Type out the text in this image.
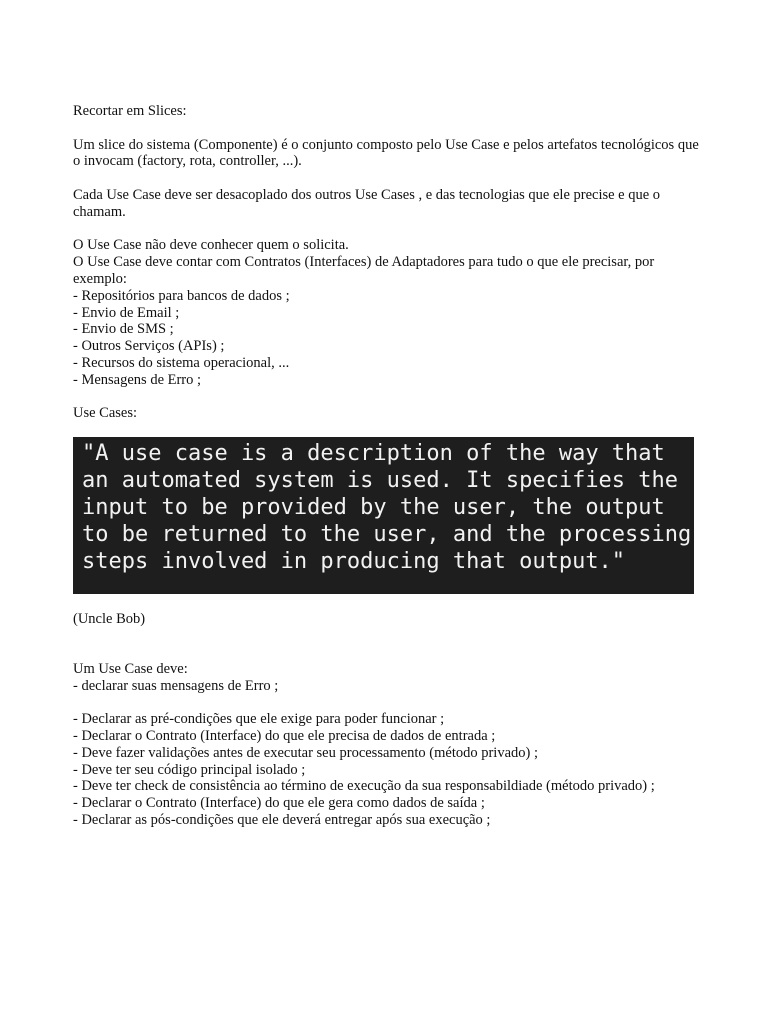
Recortar em Slices:

Um slice do sistema (Componente) é o conjunto composto pelo Use Case e pelos artefatos tecnológicos que o invocam (factory, rota, controller, ...).

Cada Use Case deve ser desacoplado dos outros Use Cases , e das tecnologias que ele precise e que o chamam.

O Use Case não deve conhecer quem o solicita.

O Use Case deve contar com Contratos (Interfaces) de Adaptadores para tudo o que ele precisar, por exemplo:

- Repositórios para bancos de dados ;

- Envio de Email ;

- Envio de SMS ;

- Outros Serviços (APIs) ;

- Recursos do sistema operacional, ...

- Mensagens de Erro ;

Use Cases:

"A use case is a description of the way that
an automated system is used. It specifies the
input to be provided by the user, the output
to be returned to the user, and the processing
steps involved in producing that output."

(Uncle Bob)

Um Use Case deve:

- declarar suas mensagens de Erro ;

- Declarar as pré-condições que ele exige para poder funcionar ;

- Declarar o Contrato (Interface) do que ele precisa de dados de entrada ;

- Deve fazer validações antes de executar seu processamento (método privado) ;

- Deve ter seu código principal isolado ;

- Deve ter check de consistência ao término de execução da sua responsabildiade (método privado) ;

- Declarar o Contrato (Interface) do que ele gera como dados de saída ;

- Declarar as pós-condições que ele deverá entregar após sua execução ;
